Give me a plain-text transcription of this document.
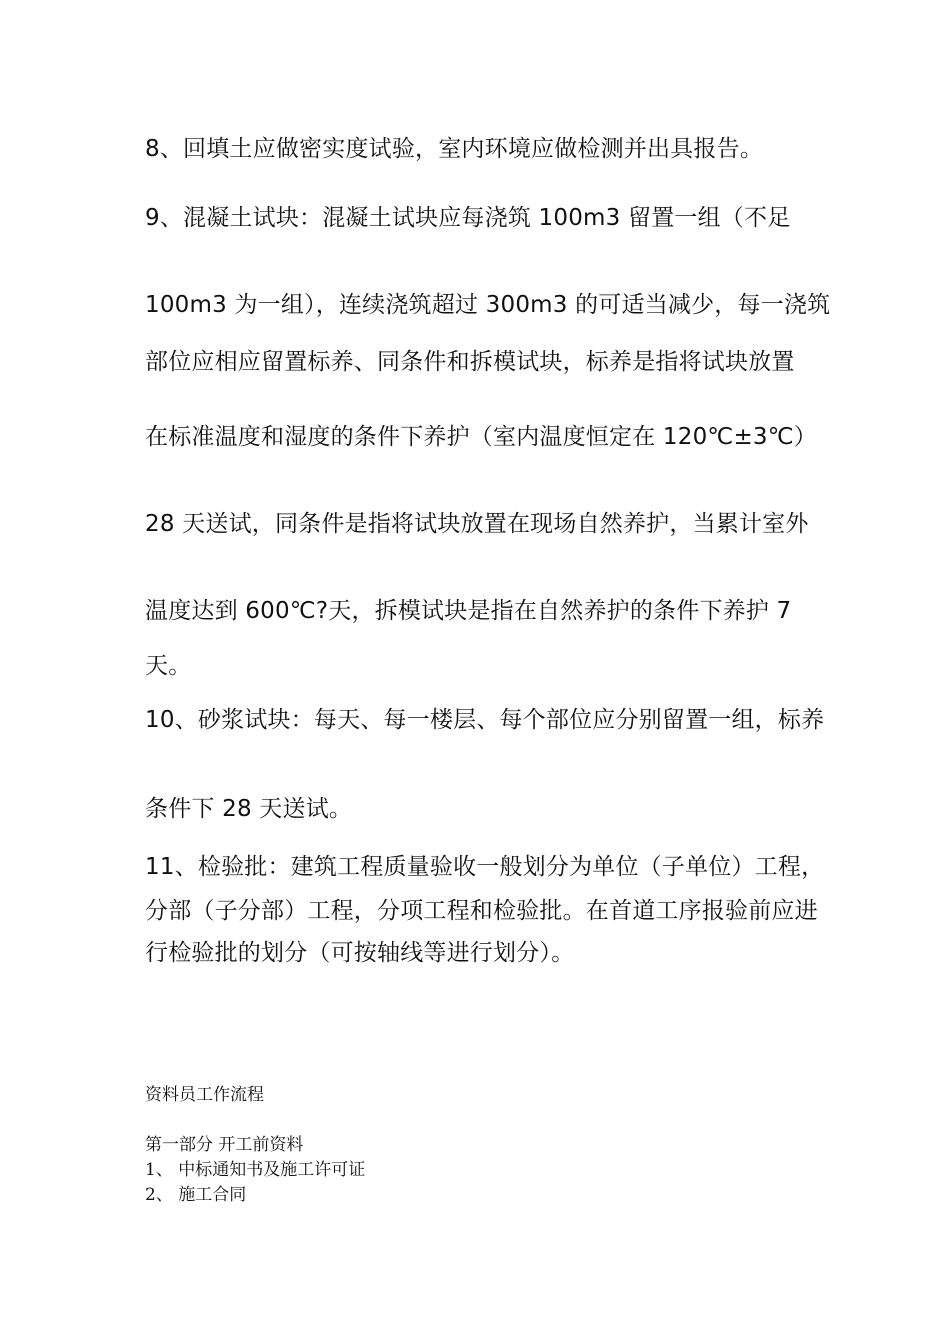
8、回填土应做密实度试验，室内环境应做检测并出具报告。
9、混凝土试块：混凝土试块应每浇筑 100m3 留置一组（不足
100m3 为一组），连续浇筑超过 300m3 的可适当减少，每一浇筑
部位应相应留置标养、同条件和拆模试块，标养是指将试块放置
在标准温度和湿度的条件下养护（室内温度恒定在 120℃±3℃）
28 天送试，同条件是指将试块放置在现场自然养护，当累计室外
温度达到 600℃?天，拆模试块是指在自然养护的条件下养护 7
天。
10、砂浆试块：每天、每一楼层、每个部位应分别留置一组，标养
条件下 28 天送试。
11、检验批：建筑工程质量验收一般划分为单位（子单位）工程，
分部（子分部）工程，分项工程和检验批。在首道工序报验前应进
行检验批的划分（可按轴线等进行划分）。
资料员工作流程
第一部分 开工前资料
1、 中标通知书及施工许可证
2、 施工合同
